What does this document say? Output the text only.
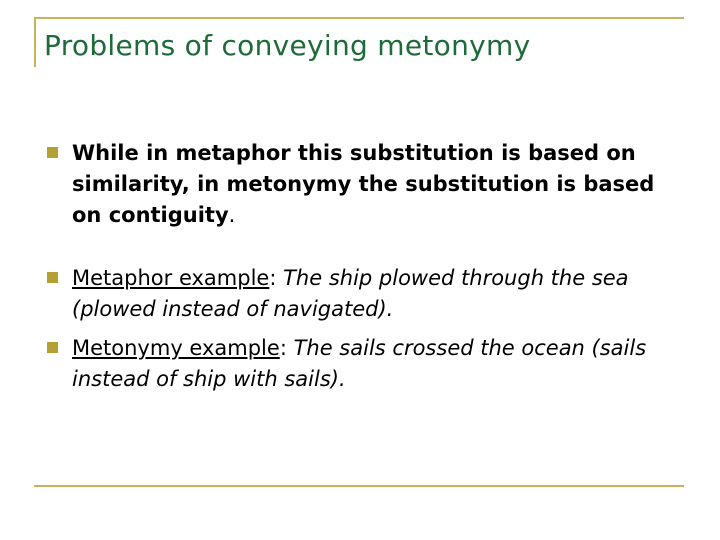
Problems of conveying metonymy
While in metaphor this substitution is based on similarity, in metonymy the substitution is based on contiguity.
Metaphor example: The ship plowed through the sea (plowed instead of navigated).
Metonymy example: The sails crossed the ocean (sails instead of ship with sails).
